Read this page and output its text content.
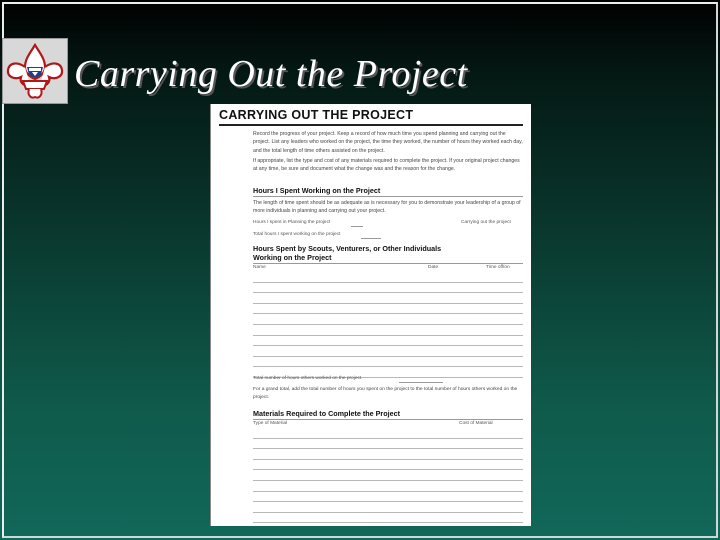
Carrying Out the Project
CARRYING OUT THE PROJECT
Record the progress of your project. Keep a record of how much time you spend planning and carrying out the project. List any leaders who worked on the project, the time they worked, the number of hours they worked each day, and the total length of time others assisted on the project.
If appropriate, list the type and cost of any materials required to complete the project. If your original project changes at any time, be sure and document what the change was and the reason for the change.
Hours I Spent Working on the Project
The length of time spent should be as adequate as is necessary for you to demonstrate your leadership of a group of more individuals in planning and carrying out your project.
Hours I spent in Planning the project	Carrying out the project
Total hours I spent working on the project
Hours Spent by Scouts, Venturers, or Other Individuals
Working on the Project
Name	Date	Time off/on
Total number of hours others worked on the project
For a grand total, add the total number of hours you spent on the project to the total number of hours others worked on the project.
Materials Required to Complete the Project
Type of Material	Cost of Material
